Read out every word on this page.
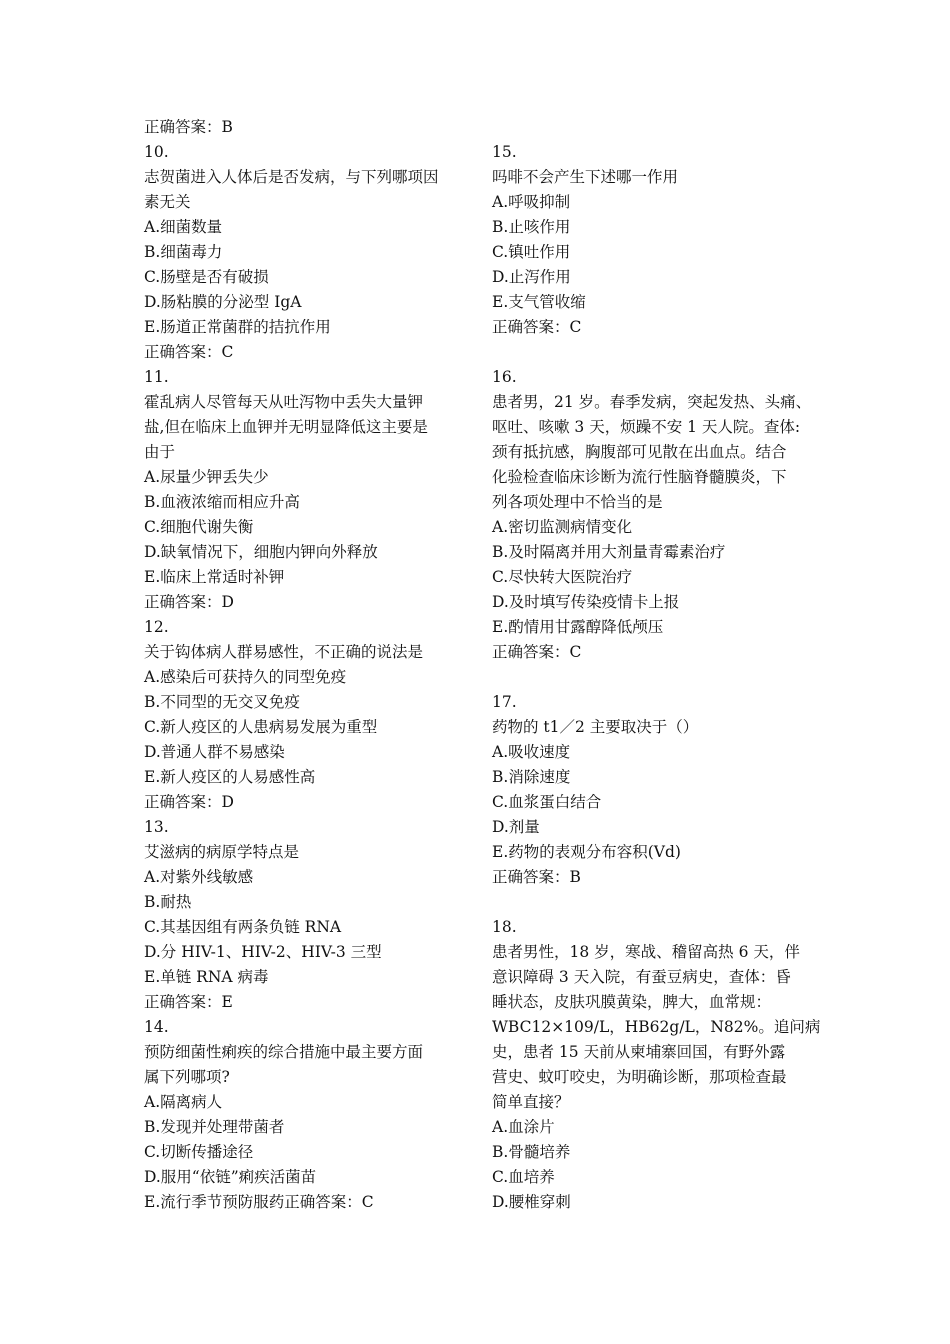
正确答案：B
10.
志贺菌进入人体后是否发病，与下列哪项因
素无关
A.细菌数量
B.细菌毒力
C.肠壁是否有破损
D.肠粘膜的分泌型 IgA
E.肠道正常菌群的拮抗作用
正确答案：C
11.
霍乱病人尽管每天从吐泻物中丢失大量钾
盐,但在临床上血钾并无明显降低这主要是
由于
A.尿量少钾丢失少
B.血液浓缩而相应升高
C.细胞代谢失衡
D.缺氧情况下，细胞内钾向外释放
E.临床上常适时补钾
正确答案：D
12.
关于钩体病人群易感性，不正确的说法是
A.感染后可获持久的同型免疫
B.不同型的无交叉免疫
C.新人疫区的人患病易发展为重型
D.普通人群不易感染
E.新人疫区的人易感性高
正确答案：D
13.
艾滋病的病原学特点是
A.对紫外线敏感
B.耐热
C.其基因组有两条负链 RNA
D.分 HIV-1、HIV-2、HIV-3 三型
E.单链 RNA 病毒
正确答案：E
14.
预防细菌性痢疾的综合措施中最主要方面
属下列哪项?
A.隔离病人
B.发现并处理带菌者
C.切断传播途径
D.服用“依链”痢疾活菌苗
E.流行季节预防服药正确答案：C
15.
吗啡不会产生下述哪一作用
A.呼吸抑制
B.止咳作用
C.镇吐作用
D.止泻作用
E.支气管收缩
正确答案：C
16.
患者男，21 岁。春季发病，突起发热、头痛、
呕吐、咳嗽 3 天，烦躁不安 1 天人院。查体:
颈有抵抗感，胸腹部可见散在出血点。结合
化验检查临床诊断为流行性脑脊髓膜炎，下
列各项处理中不恰当的是
A.密切监测病情变化
B.及时隔离并用大剂量青霉素治疗
C.尽快转大医院治疗
D.及时填写传染疫情卡上报
E.酌情用甘露醇降低颅压
正确答案：C
17.
药物的 t1／2 主要取决于（）
A.吸收速度
B.消除速度
C.血浆蛋白结合
D.剂量
E.药物的表观分布容积(Vd)
正确答案：B
18.
患者男性，18 岁，寒战、稽留高热 6 天，伴
意识障碍 3 天入院，有蚕豆病史，查体：昏
睡状态，皮肤巩膜黄染，脾大，血常规：
WBC12×109/L，HB62g/L，N82%。追问病
史，患者 15 天前从柬埔寨回国，有野外露
营史、蚊叮咬史，为明确诊断，那项检查最
简单直接？
A.血涂片
B.骨髓培养
C.血培养
D.腰椎穿刺
